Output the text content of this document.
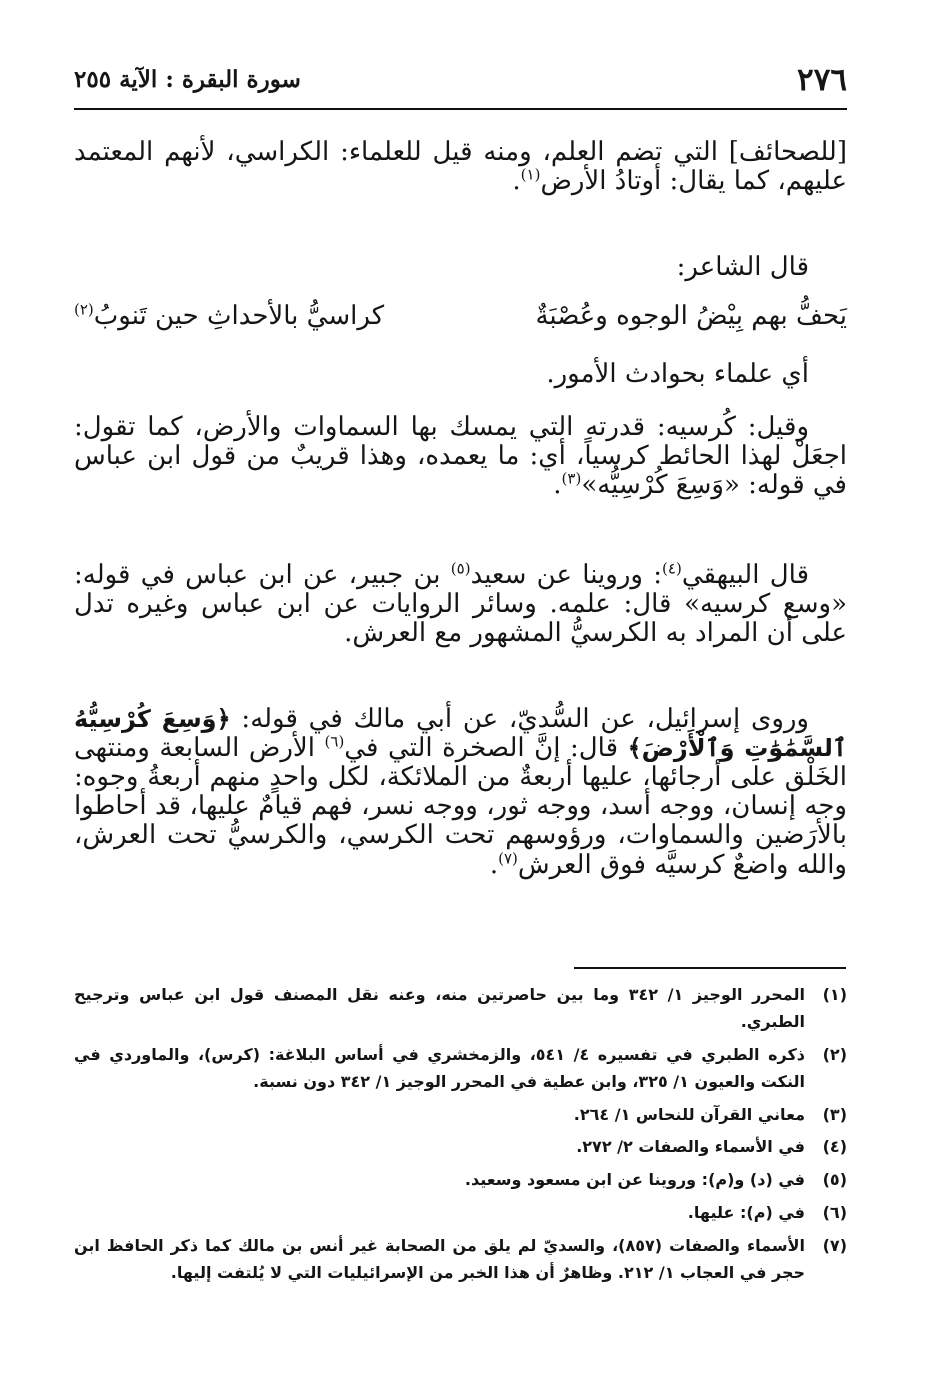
٢٧٦
سورة البقرة : الآية ٢٥٥

[للصحائف] التي تضم العلم، ومنه قيل للعلماء: الكراسي، لأنهم المعتمد عليهم، كما يقال: أوتادُ الأرض$^{(١)}$.

قال الشاعر:

يَحفُّ بهم بِيْضُ الوجوه وعُصْبَةٌ
كراسيُّ بالأحداثِ حين تَنوبُ$^{(٢)}$

أي علماء بحوادث الأمور.

وقيل: كُرسيه: قدرته التي يمسك بها السماوات والأرض، كما تقول: اجعَلْ لهذا الحائط كرسياً، أي: ما يعمده، وهذا قريبٌ من قول ابن عباس في قوله: «وَسِعَ كُرْسِيُّه»$^{(٣)}$.

قال البيهقي$^{(٤)}$: وروينا عن سعيد$^{(٥)}$ بن جبير، عن ابن عباس في قوله: «وسع كرسيه» قال: علمه. وسائر الروايات عن ابن عباس وغيره تدل على أن المراد به الكرسيُّ المشهور مع العرش.

وروى إسرائيل، عن السُّديّ، عن أبي مالك في قوله: ﴿وَسِعَ كُرْسِيُّهُ ٱلسَّمَٰوَٰتِ وَٱلْأَرْضَ﴾ قال: إنَّ الصخرة التي في$^{(٦)}$ الأرض السابعة ومنتهى الخَلْق على أرجائها، عليها أربعةٌ من الملائكة، لكل واحدٍ منهم أربعةُ وجوه: وجه إنسان، ووجه أسد، ووجه ثور، ووجه نسر، فهم قيامٌ عليها، قد أحاطوا بالأرَضين والسماوات، ورؤوسهم تحت الكرسي، والكرسيُّ تحت العرش، والله واضعٌ كرسيَّه فوق العرش$^{(٧)}$.

( ١ )
المحرر الوجيز ١/ ٣٤٢ وما بين حاصرتين منه، وعنه نقل المصنف قول ابن عباس وترجيح الطبري.
( ٢ )
ذكره الطبري في تفسيره ٤/ ٥٤١، والزمخشري في أساس البلاغة: (كرس)، والماوردي في النكت والعيون ١/ ٣٢٥، وابن عطية في المحرر الوجيز ١/ ٣٤٢ دون نسبة.
( ٣ )
معاني القرآن للنحاس ١/ ٢٦٤.
( ٤ )
في الأسماء والصفات ٢/ ٢٧٢.
( ٥ )
في (د) و(م): وروينا عن ابن مسعود وسعيد.
( ٦ )
في (م): عليها.
( ٧ )
الأسماء والصفات (٨٥٧)، والسديّ لم يلق من الصحابة غير أنس بن مالك كما ذكر الحافظ ابن حجر في العجاب ١/ ٢١٢. وظاهرٌ أن هذا الخبر من الإسرائيليات التي لا يُلتفت إليها.
